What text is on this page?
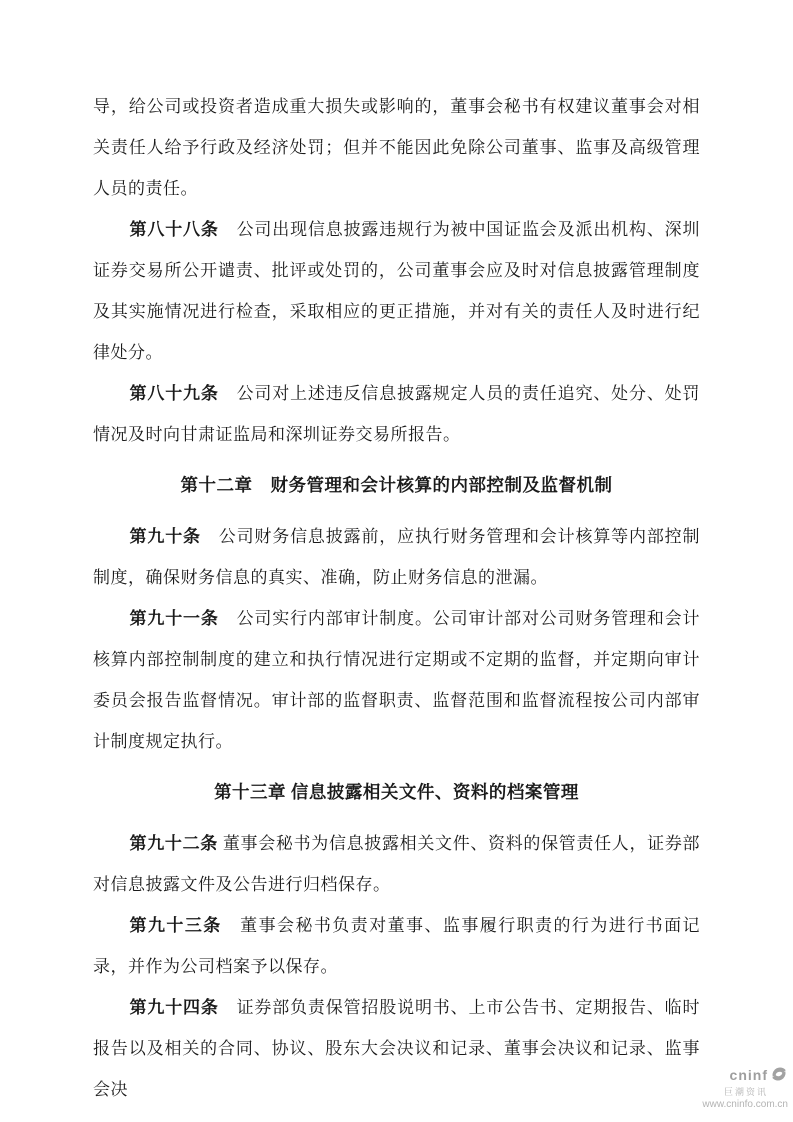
导，给公司或投资者造成重大损失或影响的，董事会秘书有权建议董事会对相关责任人给予行政及经济处罚；但并不能因此免除公司董事、监事及高级管理人员的责任。

第八十八条　公司出现信息披露违规行为被中国证监会及派出机构、深圳证券交易所公开谴责、批评或处罚的，公司董事会应及时对信息披露管理制度及其实施情况进行检查，采取相应的更正措施，并对有关的责任人及时进行纪律处分。

第八十九条　公司对上述违反信息披露规定人员的责任追究、处分、处罚情况及时向甘肃证监局和深圳证券交易所报告。

第十二章　财务管理和会计核算的内部控制及监督机制

第九十条　公司财务信息披露前，应执行财务管理和会计核算等内部控制制度，确保财务信息的真实、准确，防止财务信息的泄漏。

第九十一条　公司实行内部审计制度。公司审计部对公司财务管理和会计核算内部控制制度的建立和执行情况进行定期或不定期的监督，并定期向审计委员会报告监督情况。审计部的监督职责、监督范围和监督流程按公司内部审计制度规定执行。

第十三章 信息披露相关文件、资料的档案管理

第九十二条 董事会秘书为信息披露相关文件、资料的保管责任人，证券部对信息披露文件及公告进行归档保存。

第九十三条　董事会秘书负责对董事、监事履行职责的行为进行书面记录，并作为公司档案予以保存。

第九十四条　证券部负责保管招股说明书、上市公告书、定期报告、临时报告以及相关的合同、协议、股东大会决议和记录、董事会决议和记录、监事会决

cninf
巨潮资讯
www.cninfo.com.cn
